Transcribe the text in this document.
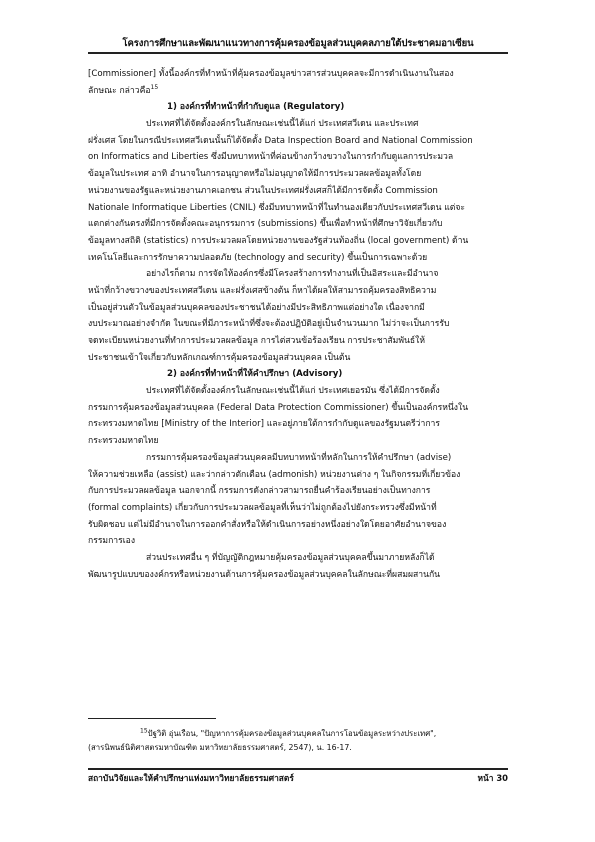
โครงการศึกษาและพัฒนาแนวทางการคุ้มครองข้อมูลส่วนบุคคลภายใต้ประชาคมอาเซียน
[Commissioner] ทั้งนี้องค์กรที่ทำหน้าที่คุ้มครองข้อมูลข่าวสารส่วนบุคคลจะมีการดำเนินงานในสอง
ลักษณะ กล่าวคือ$^{15}$
1) องค์กรที่ทำหน้าที่กำกับดูแล (Regulatory)
ประเทศที่ได้จัดตั้งองค์กรในลักษณะเช่นนี้ได้แก่ ประเทศสวีเดน และประเทศ
ฝรั่งเศส โดยในกรณีประเทศสวีเดนนั้นก็ได้จัดตั้ง Data Inspection Board and National Commission
on Informatics and Liberties ซึ่งมีบทบาทหน้าที่ค่อนข้างกว้างขวางในการกำกับดูแลการประมวล
ข้อมูลในประเทศ อาทิ อำนาจในการอนุญาตหรือไม่อนุญาตให้มีการประมวลผลข้อมูลทั้งโดย
หน่วยงานของรัฐและหน่วยงานภาคเอกชน ส่วนในประเทศฝรั่งเศสก็ได้มีการจัดตั้ง Commission
Nationale Informatique Liberties (CNIL) ซึ่งมีบทบาทหน้าที่ในทำนองเดียวกับประเทศสวีเดน แต่จะ
แตกต่างกันตรงที่มีการจัดตั้งคณะอนุกรรมการ (submissions) ขึ้นเพื่อทำหน้าที่ศึกษาวิจัยเกี่ยวกับ
ข้อมูลทางสถิติ (statistics) การประมวลผลโดยหน่วยงานของรัฐส่วนท้องถิ่น (local government) ด้าน
เทคโนโลยีและการรักษาความปลอดภัย (technology and security) ขึ้นเป็นการเฉพาะด้วย
อย่างไรก็ตาม การจัดให้องค์กรซึ่งมีโครงสร้างการทำงานที่เป็นอิสระและมีอำนาจ
หน้าที่กว้างขวางของประเทศสวีเดน และฝรั่งเศสข้างต้น ก็หาได้ผลให้สามารถคุ้มครองสิทธิความ
เป็นอยู่ส่วนตัวในข้อมูลส่วนบุคคลของประชาชนได้อย่างมีประสิทธิภาพแต่อย่างใด เนื่องจากมี
งบประมาณอย่างจำกัด ในขณะที่มีภาระหน้าที่ซึ่งจะต้องปฏิบัติอยู่เป็นจำนวนมาก ไม่ว่าจะเป็นการรับ
จดทะเบียนหน่วยงานที่ทำการประมวลผลข้อมูล การไต่สวนข้อร้องเรียน การประชาสัมพันธ์ให้
ประชาชนเข้าใจเกี่ยวกับหลักเกณฑ์การคุ้มครองข้อมูลส่วนบุคคล เป็นต้น
2) องค์กรที่ทำหน้าที่ให้คำปรึกษา (Advisory)
ประเทศที่ได้จัดตั้งองค์กรในลักษณะเช่นนี้ได้แก่ ประเทศเยอรมัน ซึ่งได้มีการจัดตั้ง
กรรมการคุ้มครองข้อมูลส่วนบุคคล (Federal Data Protection Commissioner) ขึ้นเป็นองค์กรหนึ่งใน
กระทรวงมหาดไทย [Ministry of the Interior] และอยู่ภายใต้การกำกับดูแลของรัฐมนตรีว่าการ
กระทรวงมหาดไทย
กรรมการคุ้มครองข้อมูลส่วนบุคคลมีบทบาทหน้าที่หลักในการให้คำปรึกษา (advise)
ให้ความช่วยเหลือ (assist) และว่ากล่าวตักเตือน (admonish) หน่วยงานต่าง ๆ ในกิจกรรมที่เกี่ยวข้อง
กับการประมวลผลข้อมูล นอกจากนี้ กรรมการดังกล่าวสามารถยื่นคำร้องเรียนอย่างเป็นทางการ
(formal complaints) เกี่ยวกับการประมวลผลข้อมูลที่เห็นว่าไม่ถูกต้องไปยังกระทรวงซึ่งมีหน้าที่
รับผิดชอบ แต่ไม่มีอำนาจในการออกคำสั่งหรือให้ดำเนินการอย่างหนึ่งอย่างใดโดยอาศัยอำนาจของ
กรรมการเอง
ส่วนประเทศอื่น ๆ ที่บัญญัติกฎหมายคุ้มครองข้อมูลส่วนบุคคลขึ้นมาภายหลังก็ได้
พัฒนารูปแบบของงค์กรหรือหน่วยงานด้านการคุ้มครองข้อมูลส่วนบุคคลในลักษณะที่ผสมผสานกัน
$^{15}$ปัฐวิติ อุ่นเรือน, "ปัญหาการคุ้มครองข้อมูลส่วนบุคคลในการโอนข้อมูลระหว่างประเทศ",
(สารนิพนธ์นิติศาสตรมหาบัณฑิต มหาวิทยาลัยธรรมศาสตร์, 2547), น. 16-17.
สถาบันวิจัยและให้คำปรึกษาแห่งมหาวิทยาลัยธรรมศาสตร์	หน้า 30
